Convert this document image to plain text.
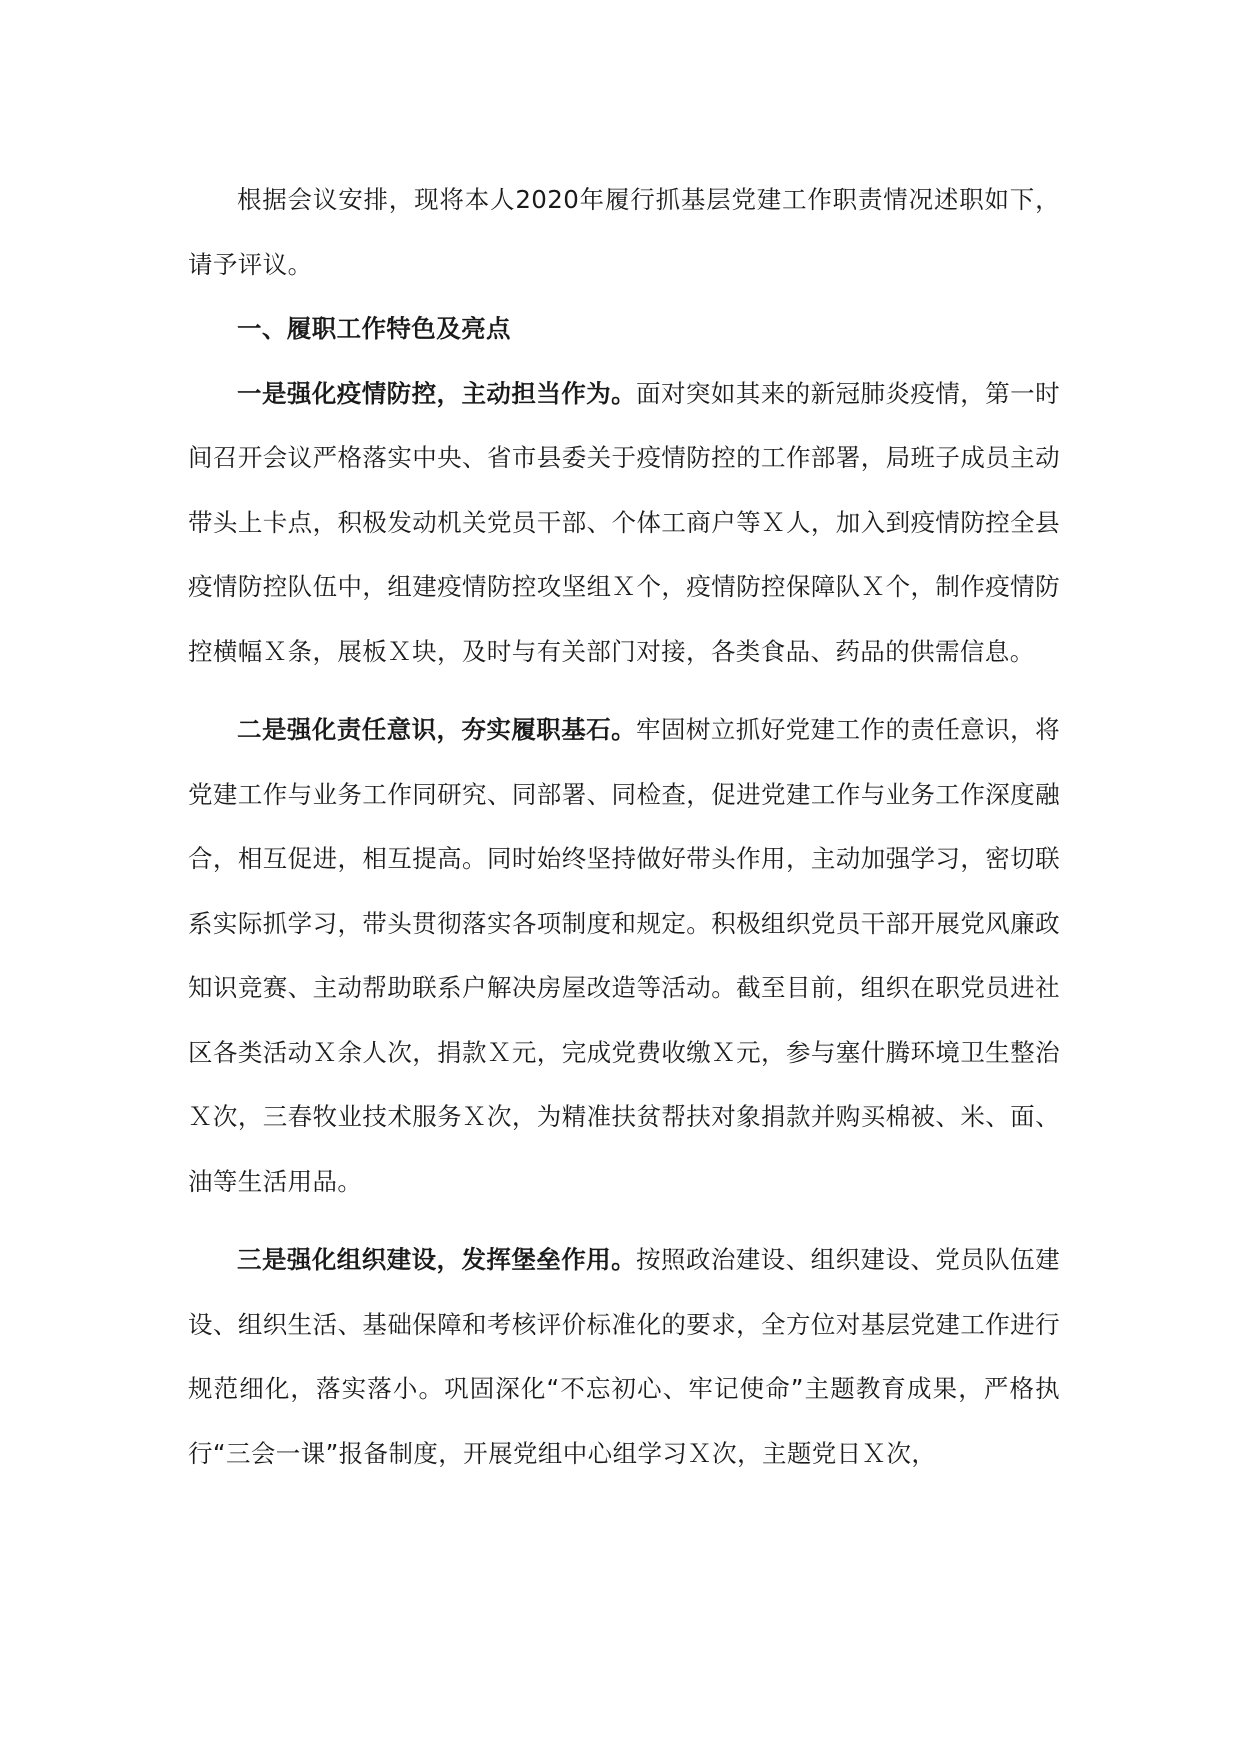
根据会议安排，现将本人2020年履行抓基层党建工作职责情况述职如下，请予评议。

一、履职工作特色及亮点

一是强化疫情防控，主动担当作为。面对突如其来的新冠肺炎疫情，第一时间召开会议严格落实中央、省市县委关于疫情防控的工作部署，局班子成员主动带头上卡点，积极发动机关党员干部、个体工商户等Ｘ人，加入到疫情防控全县疫情防控队伍中，组建疫情防控攻坚组Ｘ个，疫情防控保障队Ｘ个，制作疫情防控横幅Ｘ条，展板Ｘ块，及时与有关部门对接，各类食品、药品的供需信息。

二是强化责任意识，夯实履职基石。牢固树立抓好党建工作的责任意识，将党建工作与业务工作同研究、同部署、同检查，促进党建工作与业务工作深度融合，相互促进，相互提高。同时始终坚持做好带头作用，主动加强学习，密切联系实际抓学习，带头贯彻落实各项制度和规定。积极组织党员干部开展党风廉政知识竞赛、主动帮助联系户解决房屋改造等活动。截至目前，组织在职党员进社区各类活动Ｘ余人次，捐款Ｘ元，完成党费收缴Ｘ元，参与塞什腾环境卫生整治Ｘ次，三春牧业技术服务Ｘ次，为精准扶贫帮扶对象捐款并购买棉被、米、面、油等生活用品。

三是强化组织建设，发挥堡垒作用。按照政治建设、组织建设、党员队伍建设、组织生活、基础保障和考核评价标准化的要求，全方位对基层党建工作进行规范细化，落实落小。巩固深化“不忘初心、牢记使命”主题教育成果，严格执行“三会一课”报备制度，开展党组中心组学习Ｘ次，主题党日Ｘ次，
